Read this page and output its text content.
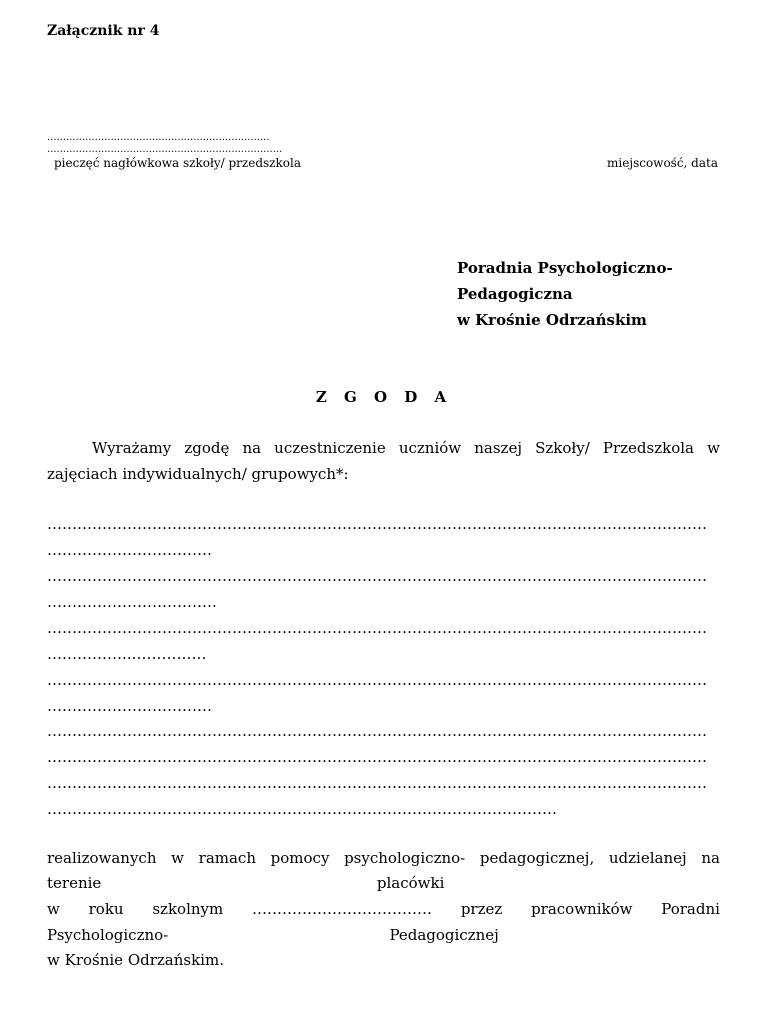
Załącznik nr 4
......................................................................
..........................................................................
pieczęć nagłówkowa szkoły/ przedszkola	miejscowość, data
Poradnia Psychologiczno-
Pedagogiczna
w Krośnie Odrzańskim
Z G O D A
Wyrażamy zgodę na uczestniczenie uczniów naszej Szkoły/ Przedszkola w
zajęciach indywidualnych/ grupowych*:
……………………………………………………………………………………………………………………
……………………………
……………………………………………………………………………………………………………………
…………………………….
……………………………………………………………………………………………………………………
……………..……………
……………………………………………………………………………………………………………………
……………………………
……………………………………………………………………………………………………………………
……………………………………………………………………………………………………………………
……………………………………………………………………………………………………………………
…………………………………………………………………………………………
realizowanych w ramach pomocy psychologiczno- pedagogicznej, udzielanej na
terenie	placówki
w roku szkolnym ……………………………… przez pracowników Poradni
Psychologiczno-	Pedagogicznej
w Krośnie Odrzańskim.
